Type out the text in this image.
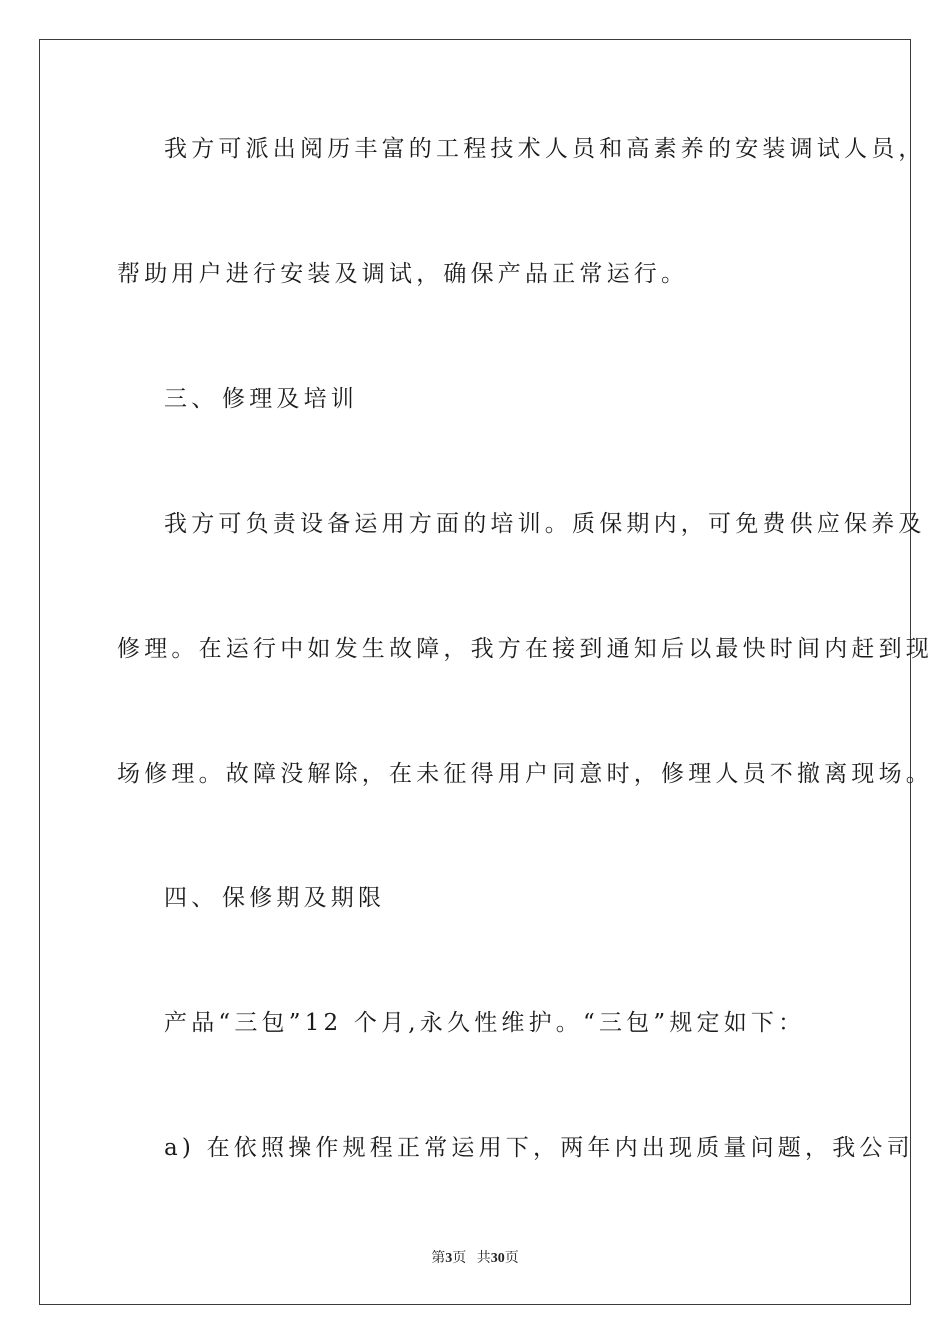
我方可派出阅历丰富的工程技术人员和高素养的安装调试人员，
帮助用户进行安装及调试，确保产品正常运行。
三、 修理及培训
我方可负责设备运用方面的培训。质保期内，可免费供应保养及
修理。在运行中如发生故障，我方在接到通知后以最快时间内赶到现
场修理。故障没解除，在未征得用户同意时，修理人员不撤离现场。
四、 保修期及期限
产品“三包”12 个月,永久性维护。“三包”规定如下：
a) 在依照操作规程正常运用下，两年内出现质量问题，我公司
第3页 共30页
